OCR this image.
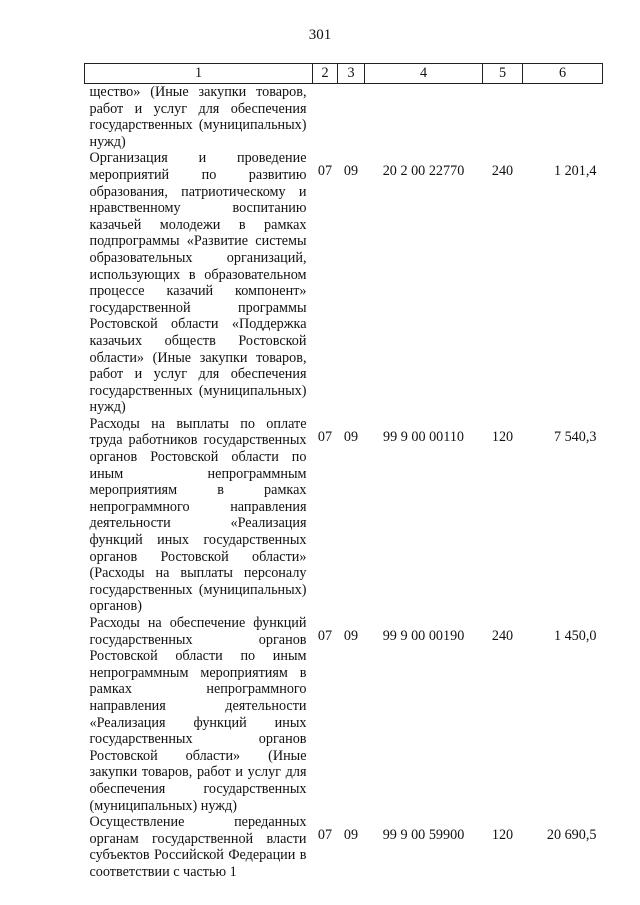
301
1	2	3	4	5	6
щество» (Иные закупки товаров, работ и услуг для обеспечения государственных (муниципальных) нужд)					
Организация и проведение мероприятий по развитию образования, патриотическому и нравственному воспитанию казачьей молодежи в рамках подпрограммы «Развитие системы образовательных организаций, использующих в образовательном процессе казачий компонент» государственной программы Ростовской области «Поддержка казачьих обществ Ростовской области» (Иные закупки товаров, работ и услуг для обеспечения государственных (муниципальных) нужд)	07	09	20 2 00 22770	240	1 201,4
Расходы на выплаты по оплате труда работников государственных органов Ростовской области по иным непрограммным мероприятиям в рамках непрограммного направления деятельности «Реализация функций иных государственных органов Ростовской области» (Расходы на выплаты персоналу государственных (муниципальных) органов)	07	09	99 9 00 00110	120	7 540,3
Расходы на обеспечение функций государственных органов Ростовской области по иным непрограммным мероприятиям в рамках непрограммного направления деятельности «Реализация функций иных государственных органов Ростовской области» (Иные закупки товаров, работ и услуг для обеспечения государственных (муниципальных) нужд)	07	09	99 9 00 00190	240	1 450,0
Осуществление переданных органам государственной власти субъектов Российской Федерации в соответствии с частью 1	07	09	99 9 00 59900	120	20 690,5
